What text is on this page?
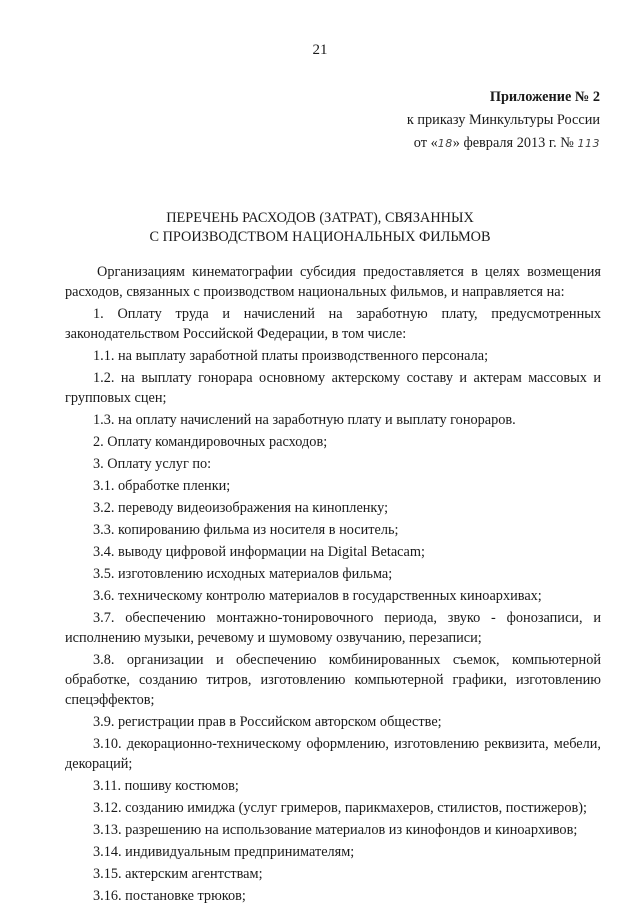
21
Приложение № 2
к приказу Минкультуры России
от «18» февраля 2013 г. № 113
ПЕРЕЧЕНЬ РАСХОДОВ (ЗАТРАТ), СВЯЗАННЫХ
С ПРОИЗВОДСТВОМ НАЦИОНАЛЬНЫХ ФИЛЬМОВ

Организациям кинематографии субсидия предоставляется в целях возмещения расходов, связанных с производством национальных фильмов, и направляется на:

1. Оплату труда и начислений на заработную плату, предусмотренных законодательством Российской Федерации, в том числе:

1.1. на выплату заработной платы производственного персонала;

1.2. на выплату гонорара основному актерскому составу и актерам массовых и групповых сцен;

1.3. на оплату начислений на заработную плату и выплату гонораров.

2. Оплату командировочных расходов;

3. Оплату услуг по:

3.1. обработке пленки;

3.2. переводу видеоизображения на кинопленку;

3.3. копированию фильма из носителя в носитель;

3.4. выводу цифровой информации на Digital Betacam;

3.5. изготовлению исходных материалов фильма;

3.6. техническому контролю материалов в государственных киноархивах;

3.7. обеспечению монтажно-тонировочного периода, звуко - фонозаписи, и исполнению музыки, речевому и шумовому озвучанию, перезаписи;

3.8. организации и обеспечению комбинированных съемок, компьютерной обработке, созданию титров, изготовлению компьютерной графики, изготовлению спецэффектов;

3.9. регистрации прав в Российском авторском обществе;

3.10. декорационно-техническому оформлению, изготовлению реквизита, мебели, декораций;

3.11. пошиву костюмов;

3.12. созданию имиджа (услуг гримеров, парикмахеров, стилистов, постижеров);

3.13. разрешению на использование материалов из кинофондов и киноархивов;

3.14. индивидуальным предпринимателям;

3.15. актерским агентствам;

3.16. постановке трюков;
